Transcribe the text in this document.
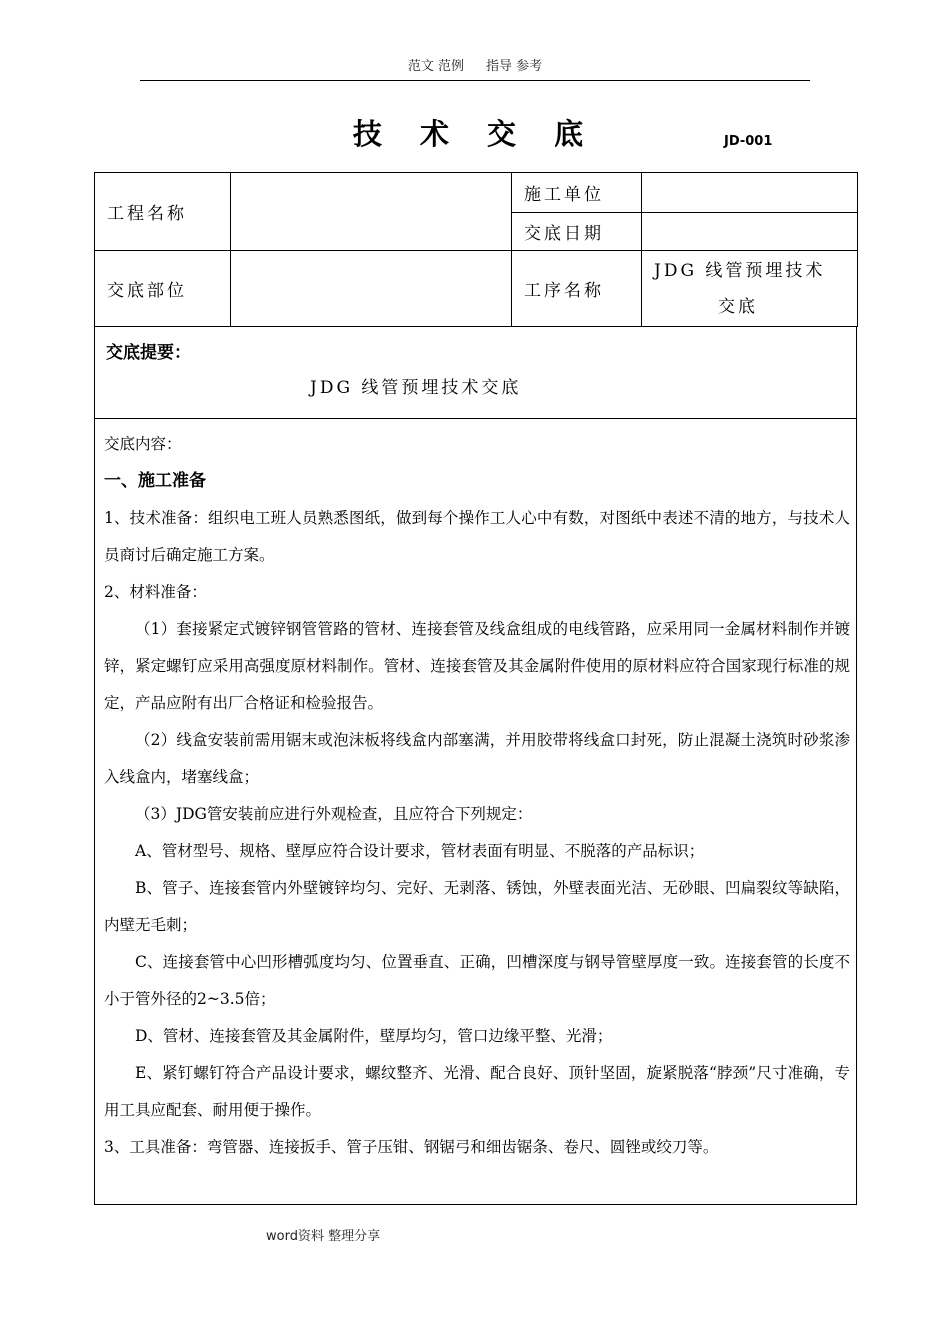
范文 范例 指导 参考
技 术 交 底	JD-001
工程名称		施工单位	
		交底日期	
交底部位		工序名称	JDG 线管预埋技术
交底
交底提要：
JDG 线管预埋技术交底

交底内容：

一、施工准备

1、技术准备：组织电工班人员熟悉图纸，做到每个操作工人心中有数，对图纸中表述不清的地方，与技术人员商讨后确定施工方案。

2、材料准备：

（1）套接紧定式镀锌钢管管路的管材、连接套管及线盒组成的电线管路，应采用同一金属材料制作并镀锌，紧定螺钉应采用高强度原材料制作。管材、连接套管及其金属附件使用的原材料应符合国家现行标准的规定，产品应附有出厂合格证和检验报告。

（2）线盒安装前需用锯末或泡沫板将线盒内部塞满，并用胶带将线盒口封死，防止混凝土浇筑时砂浆渗入线盒内，堵塞线盒；

（3）JDG管安装前应进行外观检查，且应符合下列规定：

A、管材型号、规格、壁厚应符合设计要求，管材表面有明显、不脱落的产品标识；

B、管子、连接套管内外壁镀锌均匀、完好、无剥落、锈蚀，外壁表面光洁、无砂眼、凹扁裂纹等缺陷，内壁无毛刺；

C、连接套管中心凹形槽弧度均匀、位置垂直、正确，凹槽深度与钢导管壁厚度一致。连接套管的长度不小于管外径的2~3.5倍；

D、管材、连接套管及其金属附件，壁厚均匀，管口边缘平整、光滑；

E、紧钉螺钉符合产品设计要求，螺纹整齐、光滑、配合良好、顶针坚固，旋紧脱落“脖颈”尺寸准确，专用工具应配套、耐用便于操作。

3、工具准备：弯管器、连接扳手、管子压钳、钢锯弓和细齿锯条、卷尺、圆锉或绞刀等。

word资料 整理分享
